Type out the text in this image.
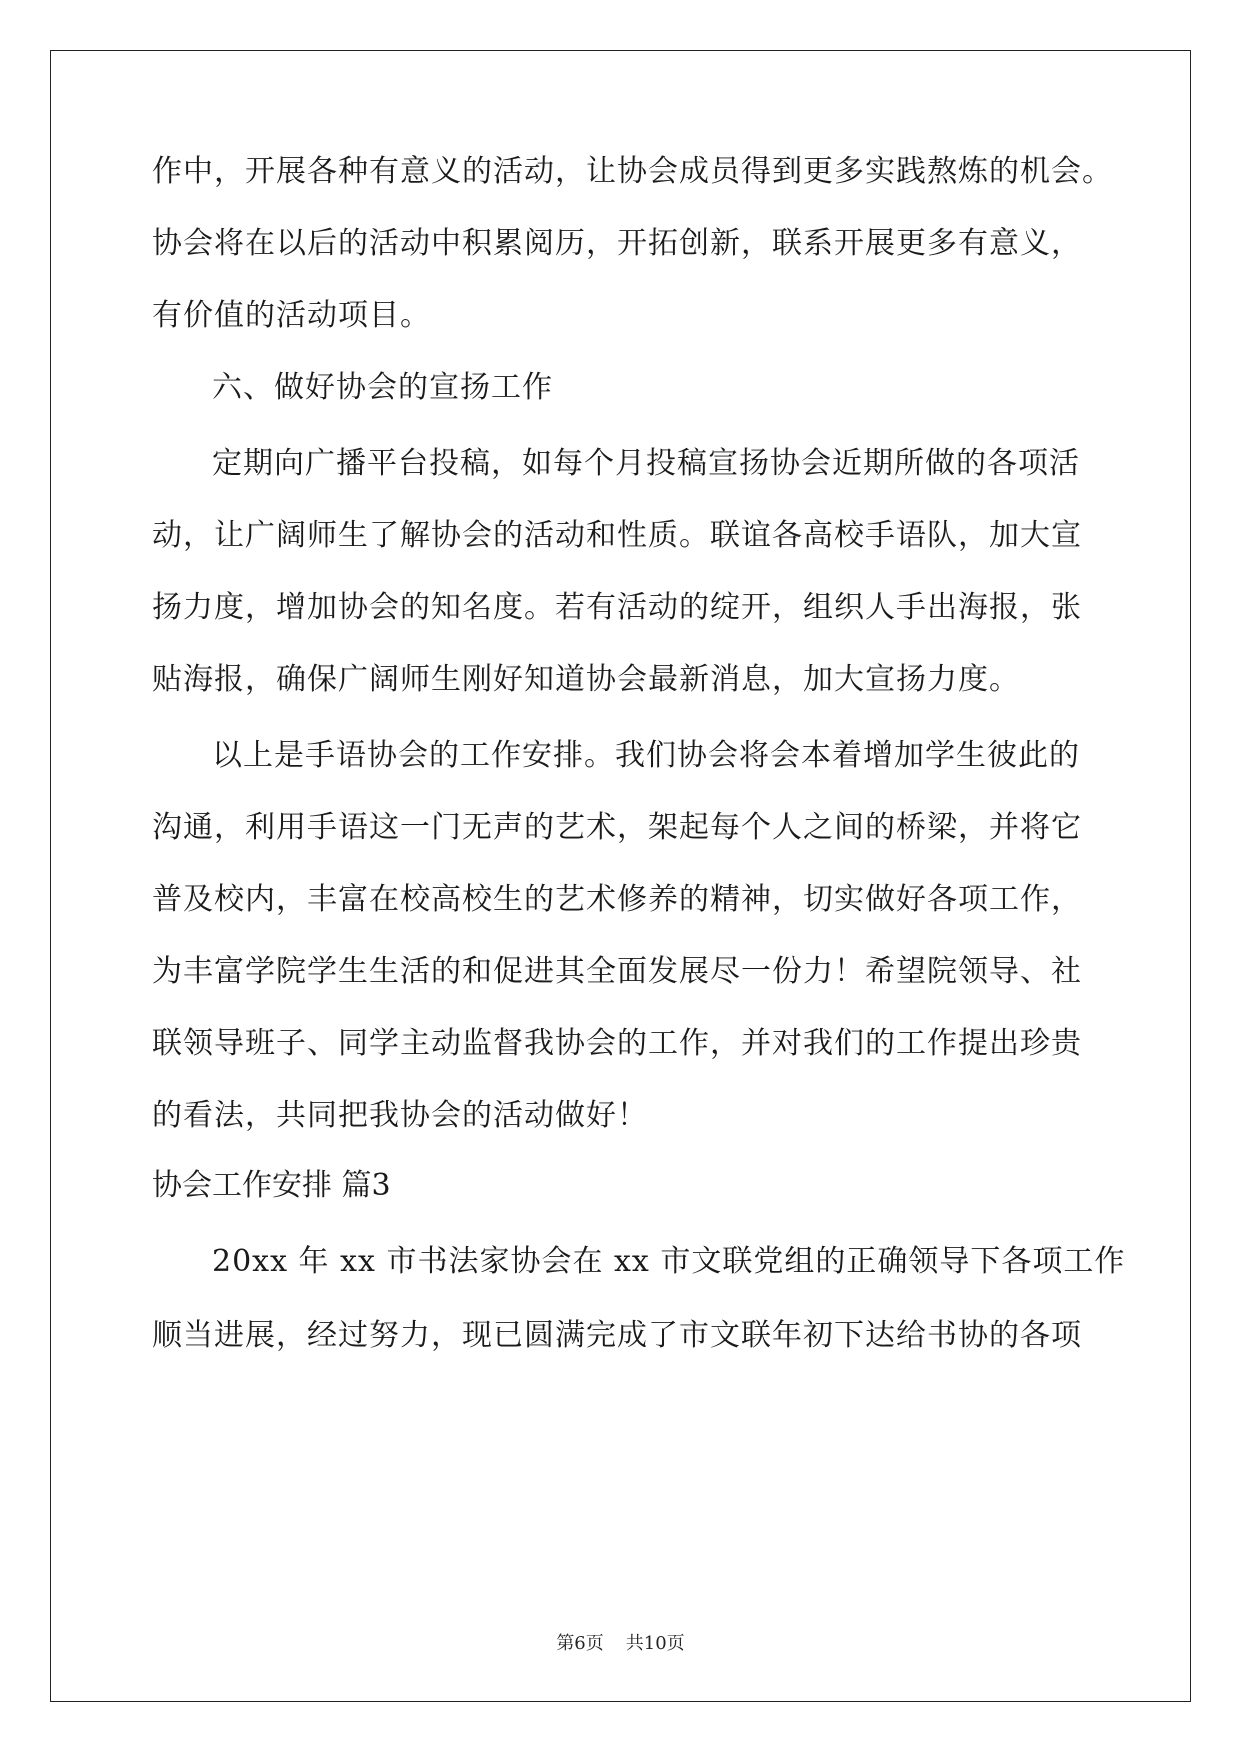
作中，开展各种有意义的活动，让协会成员得到更多实践熬炼的机会。
协会将在以后的活动中积累阅历，开拓创新，联系开展更多有意义，
有价值的活动项目。
六、做好协会的宣扬工作
定期向广播平台投稿，如每个月投稿宣扬协会近期所做的各项活
动，让广阔师生了解协会的活动和性质。联谊各高校手语队，加大宣
扬力度，增加协会的知名度。若有活动的绽开，组织人手出海报，张
贴海报，确保广阔师生刚好知道协会最新消息，加大宣扬力度。
以上是手语协会的工作安排。我们协会将会本着增加学生彼此的
沟通，利用手语这一门无声的艺术，架起每个人之间的桥梁，并将它
普及校内，丰富在校高校生的艺术修养的精神，切实做好各项工作，
为丰富学院学生生活的和促进其全面发展尽一份力！希望院领导、社
联领导班子、同学主动监督我协会的工作，并对我们的工作提出珍贵
的看法，共同把我协会的活动做好！
协会工作安排 篇3
20xx 年 xx 市书法家协会在 xx 市文联党组的正确领导下各项工作
顺当进展，经过努力，现已圆满完成了市文联年初下达给书协的各项
第6页 共10页
